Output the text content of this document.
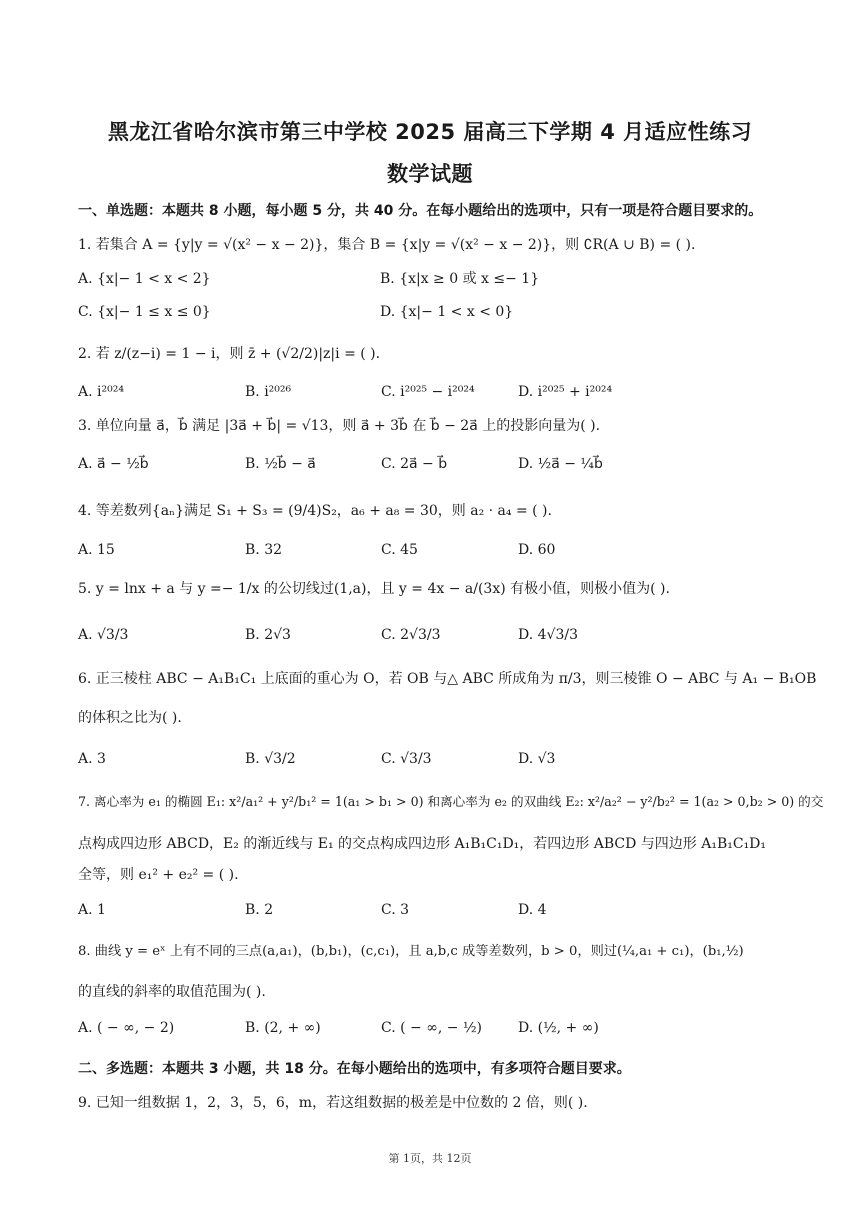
黑龙江省哈尔滨市第三中学校 2025 届高三下学期 4 月适应性练习
数学试题
一、单选题：本题共 8 小题，每小题 5 分，共 40 分。在每小题给出的选项中，只有一项是符合题目要求的。
1. 若集合 A = {y|y = √(x² − x − 2)}，集合 B = {x|y = √(x² − x − 2)}，则 ∁R(A ∪ B) = ( ).
A. {x|− 1 < x < 2}	B. {x|x ≥ 0 或 x ≤− 1}
C. {x|− 1 ≤ x ≤ 0}	D. {x|− 1 < x < 0}
2. 若 z/(z−i) = 1 − i，则 z̄ + (√2/2)|z|i = ( ).
A. i²⁰²⁴	B. i²⁰²⁶	C. i²⁰²⁵ − i²⁰²⁴	D. i²⁰²⁵ + i²⁰²⁴
3. 单位向量 a⃗，b⃗ 满足 |3a⃗ + b⃗| = √13，则 a⃗ + 3b⃗ 在 b⃗ − 2a⃗ 上的投影向量为( ).
A. a⃗ − ½b⃗	B. ½b⃗ − a⃗	C. 2a⃗ − b⃗	D. ½a⃗ − ¼b⃗
4. 等差数列{aₙ}满足 S₁ + S₃ = (9/4)S₂，a₆ + a₈ = 30，则 a₂ · a₄ = ( ).
A. 15	B. 32	C. 45	D. 60
5. y = lnx + a 与 y =− 1/x 的公切线过(1,a)，且 y = 4x − a/(3x) 有极小值，则极小值为( ).
A. √3/3	B. 2√3	C. 2√3/3	D. 4√3/3
6. 正三棱柱 ABC − A₁B₁C₁ 上底面的重心为 O，若 OB 与△ ABC 所成角为 π/3，则三棱锥 O − ABC 与 A₁ − B₁OB
的体积之比为( ).
A. 3	B. √3/2	C. √3/3	D. √3
7. 离心率为 e₁ 的椭圆 E₁: x²/a₁² + y²/b₁² = 1(a₁ > b₁ > 0) 和离心率为 e₂ 的双曲线 E₂: x²/a₂² − y²/b₂² = 1(a₂ > 0,b₂ > 0) 的交
点构成四边形 ABCD，E₂ 的渐近线与 E₁ 的交点构成四边形 A₁B₁C₁D₁，若四边形 ABCD 与四边形 A₁B₁C₁D₁
全等，则 e₁² + e₂² = ( ).
A. 1	B. 2	C. 3	D. 4
8. 曲线 y = eˣ 上有不同的三点(a,a₁)，(b,b₁)，(c,c₁)，且 a,b,c 成等差数列，b > 0，则过(¼,a₁ + c₁)，(b₁,½)
的直线的斜率的取值范围为( ).
A. ( − ∞, − 2)	B. (2, + ∞)	C. ( − ∞, − ½)	D. (½, + ∞)
二、多选题：本题共 3 小题，共 18 分。在每小题给出的选项中，有多项符合题目要求。
9. 已知一组数据 1，2，3，5，6，m，若这组数据的极差是中位数的 2 倍，则( ).
第 1页，共 12页
